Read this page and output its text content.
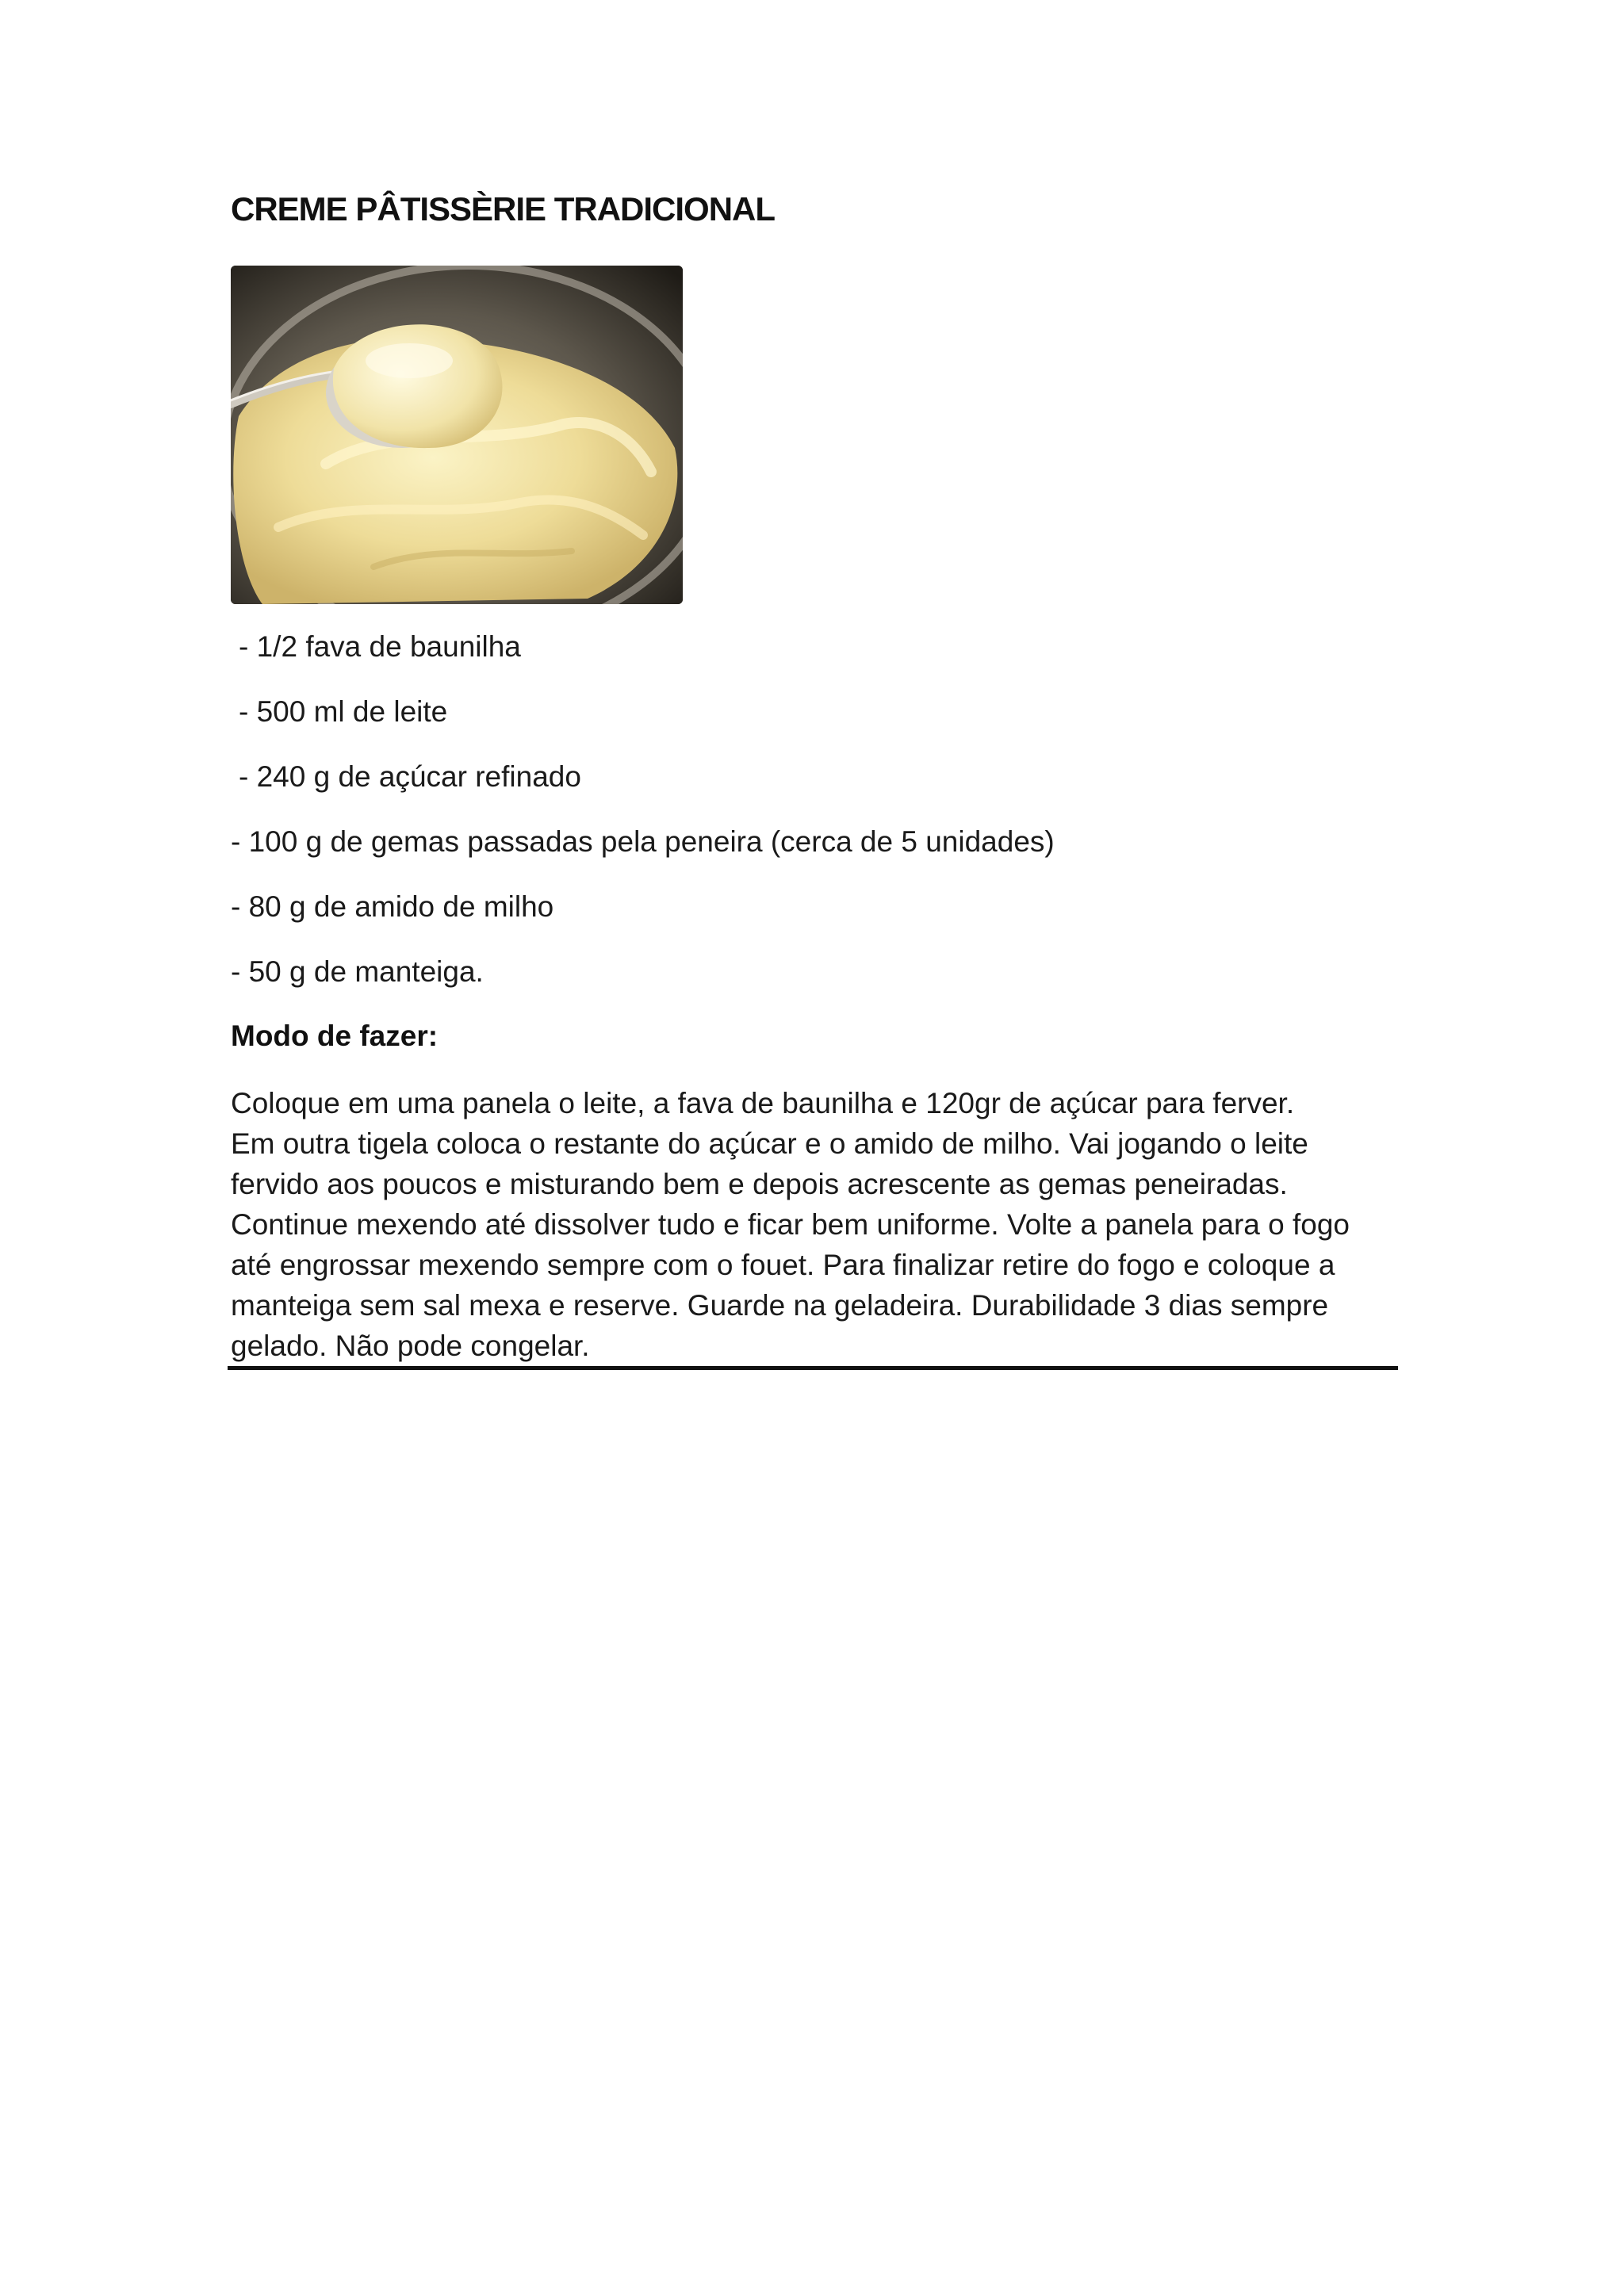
CREME PÂTISSÈRIE TRADICIONAL
- 1/2 fava de baunilha
- 500 ml de leite
- 240 g de açúcar refinado
- 100 g de gemas passadas pela peneira (cerca de 5 unidades)
- 80 g de amido de milho
- 50 g de manteiga.
Modo de fazer:

Coloque em uma panela o leite, a fava de baunilha e 120gr de açúcar para ferver.
Em outra tigela coloca o restante do açúcar e o amido de milho. Vai jogando o leite
fervido aos poucos e misturando bem e depois acrescente as gemas peneiradas.
Continue mexendo até dissolver tudo e ficar bem uniforme. Volte a panela para o fogo
até engrossar mexendo sempre com o fouet. Para finalizar retire do fogo e coloque a
manteiga sem sal mexa e reserve. Guarde na geladeira. Durabilidade 3 dias sempre
gelado. Não pode congelar.
